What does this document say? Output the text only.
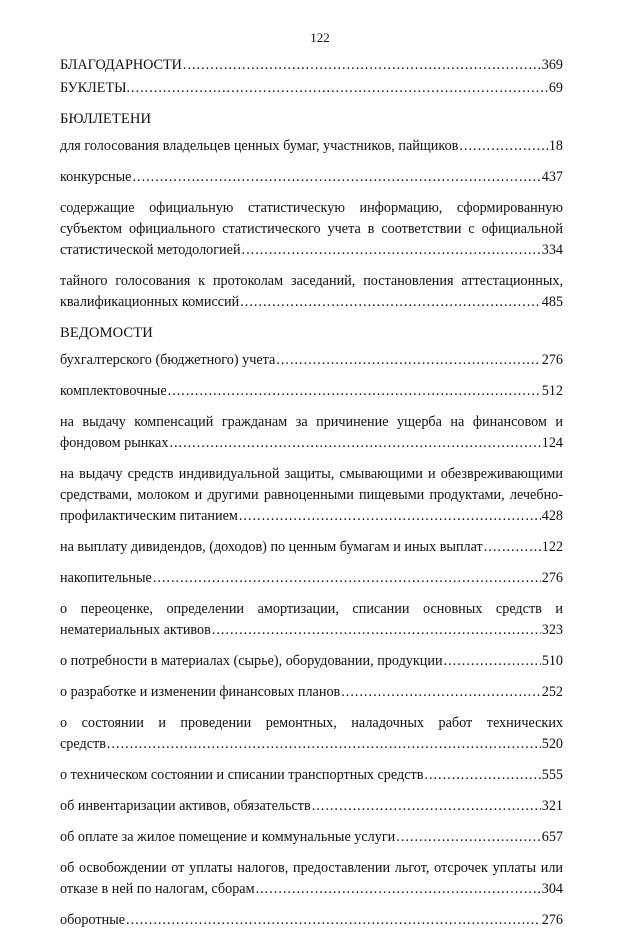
122
БЛАГОДАРНОСТИ .....	369
БУКЛЕТЫ. .....	69
БЮЛЛЕТЕНИ
для голосования владельцев ценных бумаг, участников, пайщиков .....	18
конкурсные .....	437
содержащие официальную статистическую информацию, сформированную
субъектом официального статистического учета в соответствии с официальной
статистической методологией .....	334
тайного голосования к протоколам заседаний, постановления аттестационных,
квалификационных комиссий .....	485
ВЕДОМОСТИ
бухгалтерского (бюджетного) учета .....	276
комплектовочные .....	512
на выдачу компенсаций гражданам за причинение ущерба на финансовом и
фондовом рынках .....	124
на выдачу средств индивидуальной защиты, смывающими и обезвреживающими
средствами, молоком и другими равноценными пищевыми продуктами, лечебно-
профилактическим питанием .....	428
на выплату дивидендов, (доходов) по ценным бумагам и иных выплат .....	122
накопительные .....	276
о переоценке, определении амортизации, списании основных средств и
нематериальных активов .....	323
о потребности в материалах (сырье), оборудовании, продукции .....	510
о разработке и изменении финансовых планов .....	252
о состоянии и проведении ремонтных, наладочных работ технических
средств .....	520
о техническом состоянии и списании транспортных средств .....	555
об инвентаризации активов, обязательств .....	321
об оплате за жилое помещение и коммунальные услуги .....	657
об освобождении от уплаты налогов, предоставлении льгот, отсрочек уплаты или
отказе в ней по налогам, сборам .....	304
оборотные .....	276
